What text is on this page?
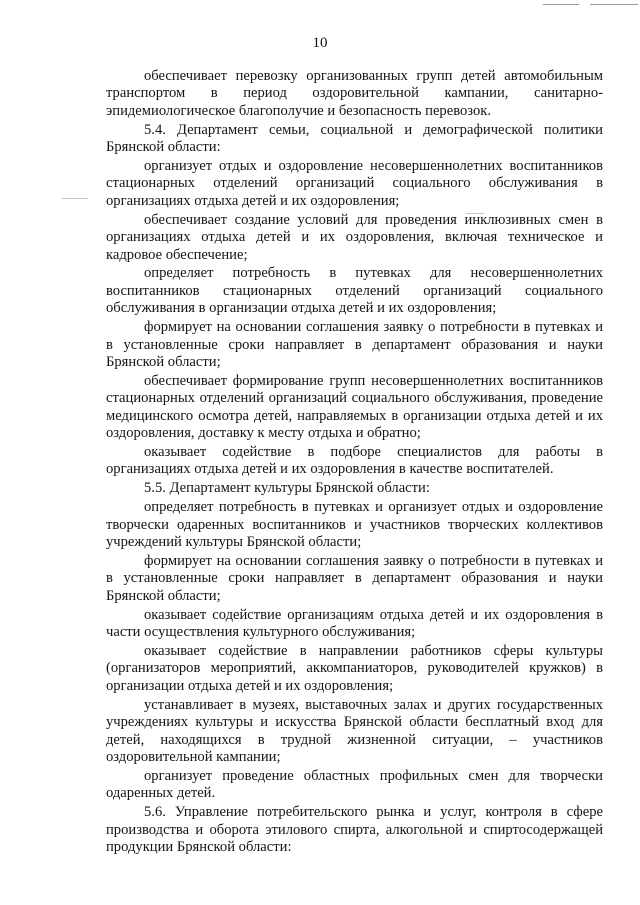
10

обеспечивает перевозку организованных групп детей автомобильным транспортом в период оздоровительной кампании, санитарно-эпидемиологическое благополучие и безопасность перевозок.

5.4. Департамент семьи, социальной и демографической политики Брянской области:

организует отдых и оздоровление несовершеннолетних воспитанников стационарных отделений организаций социального обслуживания в организациях отдыха детей и их оздоровления;

обеспечивает создание условий для проведения инклюзивных смен в организациях отдыха детей и их оздоровления, включая техническое и кадровое обеспечение;

определяет потребность в путевках для несовершеннолетних воспитанников стационарных отделений организаций социального обслуживания в организации отдыха детей и их оздоровления;

формирует на основании соглашения заявку о потребности в путевках и в установленные сроки направляет в департамент образования и науки Брянской области;

обеспечивает формирование групп несовершеннолетних воспитанников стационарных отделений организаций социального обслуживания, проведение медицинского осмотра детей, направляемых в организации отдыха детей и их оздоровления, доставку к месту отдыха и обратно;

оказывает содействие в подборе специалистов для работы в организациях отдыха детей и их оздоровления в качестве воспитателей.

5.5. Департамент культуры Брянской области:

определяет потребность в путевках и организует отдых и оздоровление творчески одаренных воспитанников и участников творческих коллективов учреждений культуры Брянской области;

формирует на основании соглашения заявку о потребности в путевках и в установленные сроки направляет в департамент образования и науки Брянской области;

оказывает содействие организациям отдыха детей и их оздоровления в части осуществления культурного обслуживания;

оказывает содействие в направлении работников сферы культуры (организаторов мероприятий, аккомпаниаторов, руководителей кружков) в организации отдыха детей и их оздоровления;

устанавливает в музеях, выставочных залах и других государственных учреждениях культуры и искусства Брянской области бесплатный вход для детей, находящихся в трудной жизненной ситуации, – участников оздоровительной кампании;

организует проведение областных профильных смен для творчески одаренных детей.

5.6. Управление потребительского рынка и услуг, контроля в сфере производства и оборота этилового спирта, алкогольной и спиртосодержащей продукции Брянской области:
